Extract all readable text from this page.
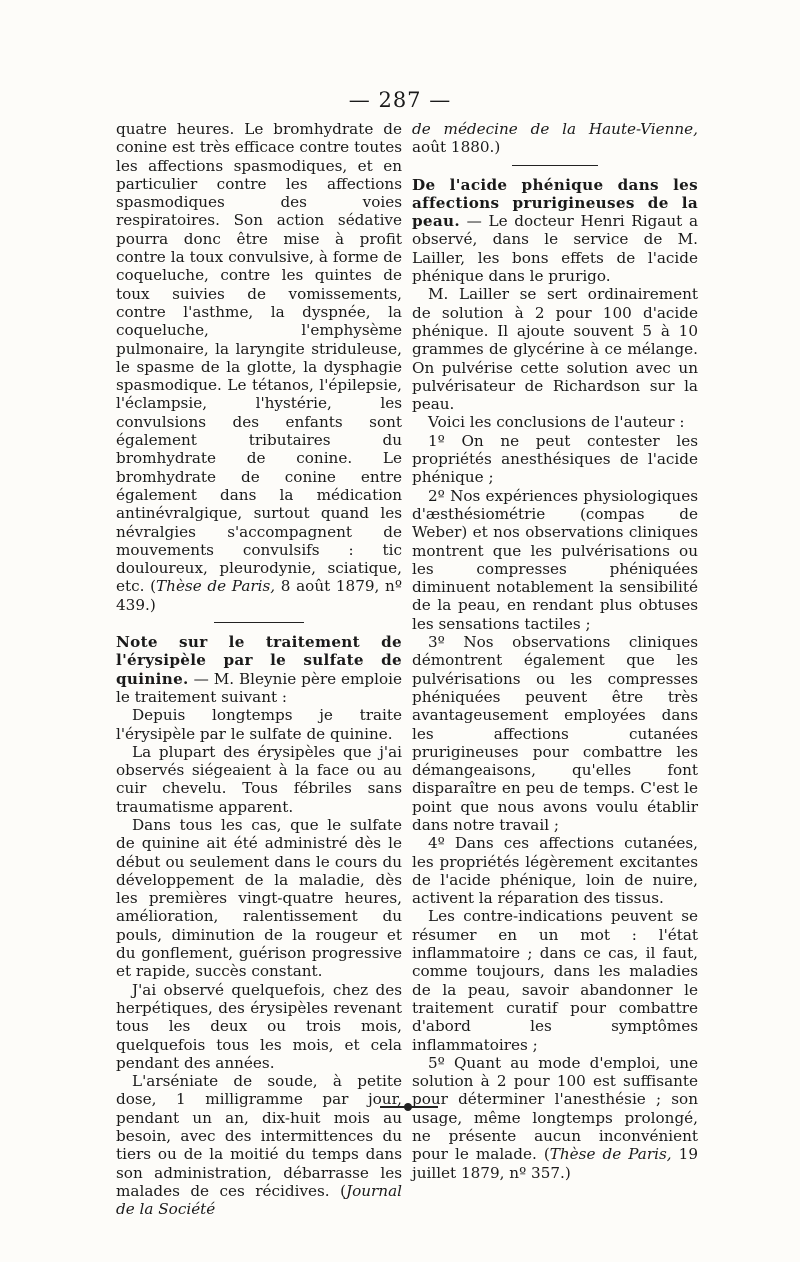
— 287 —

quatre heures. Le bromhydrate de conine est très efficace contre toutes les affections spasmodiques, et en particulier contre les affections spasmodiques des voies respiratoires. Son action sédative pourra donc être mise à profit contre la toux convulsive, à forme de coqueluche, contre les quintes de toux suivies de vomissements, contre l'asthme, la dyspnée, la coqueluche, l'emphysème pulmonaire, la laryngite striduleuse, le spasme de la glotte, la dysphagie spasmodique. Le tétanos, l'épilepsie, l'éclampsie, l'hystérie, les convulsions des enfants sont également tributaires du bromhydrate de conine. Le bromhydrate de conine entre également dans la médication antinévralgique, surtout quand les névralgies s'accompagnent de mouvements convulsifs : tic douloureux, pleurodynie, sciatique, etc. (Thèse de Paris, 8 août 1879, nº 439.)

Note sur le traitement de l'érysipèle par le sulfate de quinine. — M. Bleynie père emploie le traitement suivant :

Depuis longtemps je traite l'érysipèle par le sulfate de quinine.

La plupart des érysipèles que j'ai observés siégeaient à la face ou au cuir chevelu. Tous fébriles sans traumatisme apparent.

Dans tous les cas, que le sulfate de quinine ait été administré dès le début ou seulement dans le cours du développement de la maladie, dès les premières vingt-quatre heures, amélioration, ralentissement du pouls, diminution de la rougeur et du gonflement, guérison progressive et rapide, succès constant.

J'ai observé quelquefois, chez des herpétiques, des érysipèles revenant tous les deux ou trois mois, quelquefois tous les mois, et cela pendant des années.

L'arséniate de soude, à petite dose, 1 milligramme par jour, pendant un an, dix-huit mois au besoin, avec des intermittences du tiers ou de la moitié du temps dans son administration, débarrasse les malades de ces récidives. (Journal de la Société

de médecine de la Haute-Vienne, août 1880.)

De l'acide phénique dans les affections prurigineuses de la peau. — Le docteur Henri Rigaut a observé, dans le service de M. Lailler, les bons effets de l'acide phénique dans le prurigo.

M. Lailler se sert ordinairement de solution à 2 pour 100 d'acide phénique. Il ajoute souvent 5 à 10 grammes de glycérine à ce mélange. On pulvérise cette solution avec un pulvérisateur de Richardson sur la peau.

Voici les conclusions de l'auteur :

1º On ne peut contester les propriétés anesthésiques de l'acide phénique ;

2º Nos expériences physiologiques d'æsthésiométrie (compas de Weber) et nos observations cliniques montrent que les pulvérisations ou les compresses phéniquées diminuent notablement la sensibilité de la peau, en rendant plus obtuses les sensations tactiles ;

3º Nos observations cliniques démontrent également que les pulvérisations ou les compresses phéniquées peuvent être très avantageusement employées dans les affections cutanées prurigineuses pour combattre les démangeaisons, qu'elles font disparaître en peu de temps. C'est le point que nous avons voulu établir dans notre travail ;

4º Dans ces affections cutanées, les propriétés légèrement excitantes de l'acide phénique, loin de nuire, activent la réparation des tissus.

Les contre-indications peuvent se résumer en un mot : l'état inflammatoire ; dans ce cas, il faut, comme toujours, dans les maladies de la peau, savoir abandonner le traitement curatif pour combattre d'abord les symptômes inflammatoires ;

5º Quant au mode d'emploi, une solution à 2 pour 100 est suffisante pour déterminer l'anesthésie ; son usage, même longtemps prolongé, ne présente aucun inconvénient pour le malade. (Thèse de Paris, 19 juillet 1879, nº 357.)
